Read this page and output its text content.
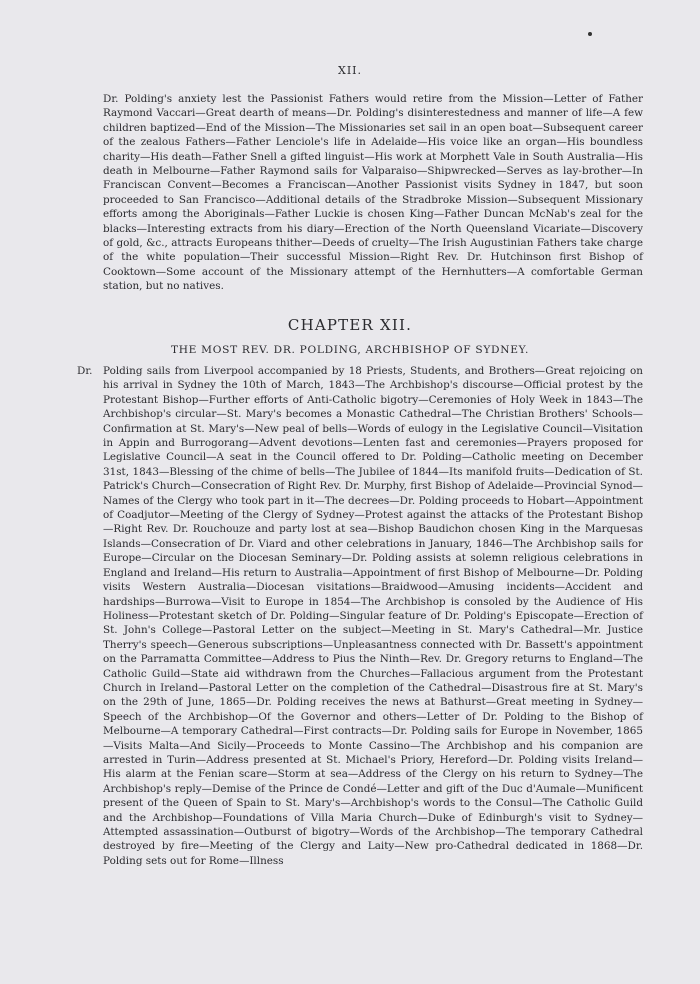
XII.
Dr. Polding's anxiety lest the Passionist Fathers would retire from the Mission—Letter of Father Raymond Vaccari—Great dearth of means—Dr. Polding's disinterestedness and manner of life—A few children baptized—End of the Mission—The Missionaries set sail in an open boat—Subsequent career of the zealous Fathers—Father Lenciole's life in Adelaide—His voice like an organ—His boundless charity—His death—Father Snell a gifted linguist—His work at Morphett Vale in South Australia—His death in Melbourne—Father Raymond sails for Valparaiso—Shipwrecked—Serves as lay-brother—In Franciscan Convent—Becomes a Franciscan—Another Passionist visits Sydney in 1847, but soon proceeded to San Francisco—Additional details of the Stradbroke Mission—Subsequent Missionary efforts among the Aboriginals—Father Luckie is chosen King—Father Duncan McNab's zeal for the blacks—Interesting extracts from his diary—Erection of the North Queensland Vicariate—Discovery of gold, &c., attracts Europeans thither—Deeds of cruelty—The Irish Augustinian Fathers take charge of the white population—Their successful Mission—Right Rev. Dr. Hutchinson first Bishop of Cooktown—Some account of the Missionary attempt of the Hernhutters—A comfortable German station, but no natives.
CHAPTER XII.
THE MOST REV. DR. POLDING, ARCHBISHOP OF SYDNEY.
Dr. Polding sails from Liverpool accompanied by 18 Priests, Students, and Brothers—Great rejoicing on his arrival in Sydney the 10th of March, 1843—The Archbishop's discourse—Official protest by the Protestant Bishop—Further efforts of Anti-Catholic bigotry—Ceremonies of Holy Week in 1843—The Archbishop's circular—St. Mary's becomes a Monastic Cathedral—The Christian Brothers' Schools—Confirmation at St. Mary's—New peal of bells—Words of eulogy in the Legislative Council—Visitation in Appin and Burrogorang—Advent devotions—Lenten fast and ceremonies—Prayers proposed for Legislative Council—A seat in the Council offered to Dr. Polding—Catholic meeting on December 31st, 1843—Blessing of the chime of bells—The Jubilee of 1844—Its manifold fruits—Dedication of St. Patrick's Church—Consecration of Right Rev. Dr. Murphy, first Bishop of Adelaide—Provincial Synod—Names of the Clergy who took part in it—The decrees—Dr. Polding proceeds to Hobart—Appointment of Coadjutor—Meeting of the Clergy of Sydney—Protest against the attacks of the Protestant Bishop—Right Rev. Dr. Rouchouze and party lost at sea—Bishop Baudichon chosen King in the Marquesas Islands—Consecration of Dr. Viard and other celebrations in January, 1846—The Archbishop sails for Europe—Circular on the Diocesan Seminary—Dr. Polding assists at solemn religious celebrations in England and Ireland—His return to Australia—Appointment of first Bishop of Melbourne—Dr. Polding visits Western Australia—Diocesan visitations—Braidwood—Amusing incidents—Accident and hardships—Burrowa—Visit to Europe in 1854—The Archbishop is consoled by the Audience of His Holiness—Protestant sketch of Dr. Polding—Singular feature of Dr. Polding's Episcopate—Erection of St. John's College—Pastoral Letter on the subject—Meeting in St. Mary's Cathedral—Mr. Justice Therry's speech—Generous subscriptions—Unpleasantness connected with Dr. Bassett's appointment on the Parramatta Committee—Address to Pius the Ninth—Rev. Dr. Gregory returns to England—The Catholic Guild—State aid withdrawn from the Churches—Fallacious argument from the Protestant Church in Ireland—Pastoral Letter on the completion of the Cathedral—Disastrous fire at St. Mary's on the 29th of June, 1865—Dr. Polding receives the news at Bathurst—Great meeting in Sydney—Speech of the Archbishop—Of the Governor and others—Letter of Dr. Polding to the Bishop of Melbourne—A temporary Cathedral—First contracts—Dr. Polding sails for Europe in November, 1865—Visits Malta—And Sicily—Proceeds to Monte Cassino—The Archbishop and his companion are arrested in Turin—Address presented at St. Michael's Priory, Hereford—Dr. Polding visits Ireland—His alarm at the Fenian scare—Storm at sea—Address of the Clergy on his return to Sydney—The Archbishop's reply—Demise of the Prince de Condé—Letter and gift of the Duc d'Aumale—Munificent present of the Queen of Spain to St. Mary's—Archbishop's words to the Consul—The Catholic Guild and the Archbishop—Foundations of Villa Maria Church—Duke of Edinburgh's visit to Sydney—Attempted assassination—Outburst of bigotry—Words of the Archbishop—The temporary Cathedral destroyed by fire—Meeting of the Clergy and Laity—New pro-Cathedral dedicated in 1868—Dr. Polding sets out for Rome—Illness
